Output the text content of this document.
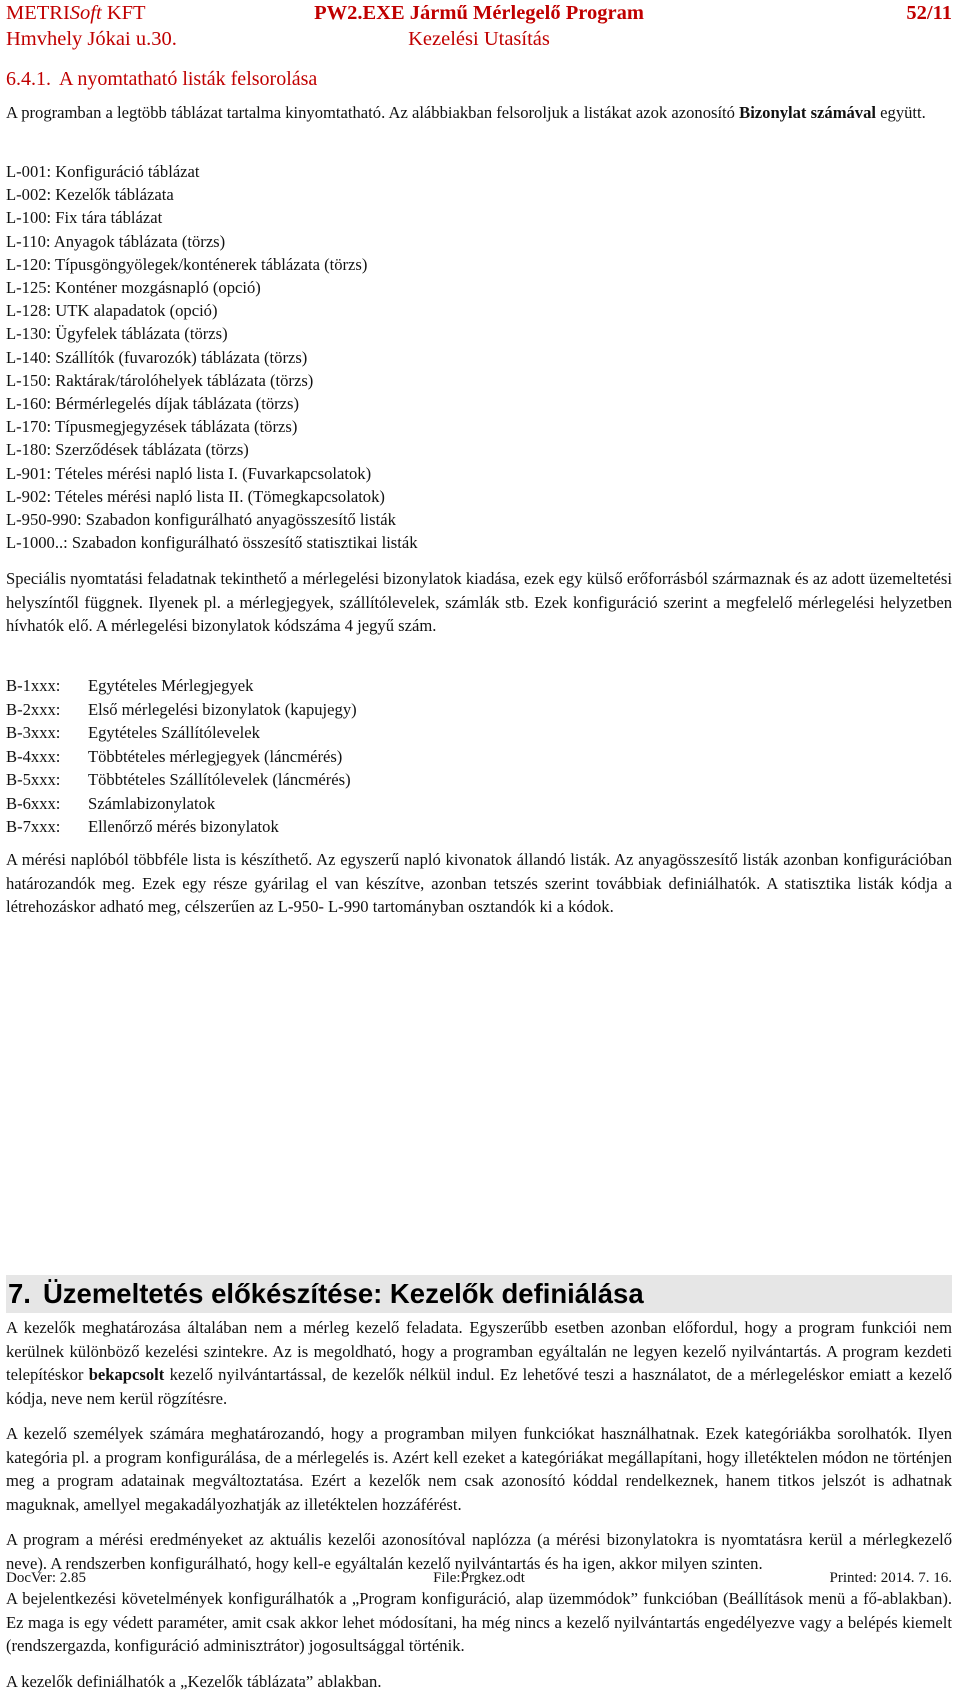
METRISoft KFT	PW2.EXE Jármű Mérlegelő Program	52/11
Hmvhely Jókai u.30.	Kezelési Utasítás
6.4.1. A nyomtatható listák felsorolása
A programban a legtöbb táblázat tartalma kinyomtatható. Az alábbiakban felsoroljuk a listákat azok azonosító Bizonylat számával együtt.
L-001: Konfiguráció táblázat
L-002: Kezelők táblázata
L-100: Fix tára táblázat
L-110: Anyagok táblázata (törzs)
L-120: Típusgöngyölegek/konténerek táblázata (törzs)
L-125: Konténer mozgásnapló (opció)
L-128: UTK alapadatok (opció)
L-130: Ügyfelek táblázata (törzs)
L-140: Szállítók (fuvarozók) táblázata (törzs)
L-150: Raktárak/tárolóhelyek táblázata (törzs)
L-160: Bérmérlegelés díjak táblázata (törzs)
L-170: Típusmegjegyzések táblázata (törzs)
L-180: Szerződések táblázata (törzs)
L-901: Tételes mérési napló lista I. (Fuvarkapcsolatok)
L-902: Tételes mérési napló lista II. (Tömegkapcsolatok)
L-950-990: Szabadon konfigurálható anyagösszesítő listák
L-1000..: Szabadon konfigurálható összesítő statisztikai listák
Speciális nyomtatási feladatnak tekinthető a mérlegelési bizonylatok kiadása, ezek egy külső erőforrásból származnak és az adott üzemeltetési helyszíntől függnek. Ilyenek pl. a mérlegjegyek, szállítólevelek, számlák stb. Ezek konfiguráció szerint a megfelelő mérlegelési helyzetben hívhatók elő. A mérlegelési bizonylatok kódszáma 4 jegyű szám.
B-1xxx: Egytételes Mérlegjegyek
B-2xxx: Első mérlegelési bizonylatok (kapujegy)
B-3xxx: Egytételes Szállítólevelek
B-4xxx: Többtételes mérlegjegyek (láncmérés)
B-5xxx: Többtételes Szállítólevelek (láncmérés)
B-6xxx: Számlabizonylatok
B-7xxx: Ellenőrző mérés bizonylatok
A mérési naplóból többféle lista is készíthető. Az egyszerű napló kivonatok állandó listák. Az anyagösszesítő listák azonban konfigurációban határozandók meg. Ezek egy része gyárilag el van készítve, azonban tetszés szerint továbbiak definiálhatók. A statisztika listák kódja a létrehozáskor adható meg, célszerűen az L-950- L-990 tartományban osztandók ki a kódok.
7. Üzemeltetés előkészítése: Kezelők definiálása
A kezelők meghatározása általában nem a mérleg kezelő feladata. Egyszerűbb esetben azonban előfordul, hogy a program funkciói nem kerülnek különböző kezelési szintekre. Az is megoldható, hogy a programban egyáltalán ne legyen kezelő nyilvántartás. A program kezdeti telepítéskor bekapcsolt kezelő nyilvántartással, de kezelők nélkül indul. Ez lehetővé teszi a használatot, de a mérlegeléskor emiatt a kezelő kódja, neve nem kerül rögzítésre.
A kezelő személyek számára meghatározandó, hogy a programban milyen funkciókat használhatnak. Ezek kategóriákba sorolhatók. Ilyen kategória pl. a program konfigurálása, de a mérlegelés is. Azért kell ezeket a kategóriákat megállapítani, hogy illetéktelen módon ne történjen meg a program adatainak megváltoztatása. Ezért a kezelők nem csak azonosító kóddal rendelkeznek, hanem titkos jelszót is adhatnak maguknak, amellyel megakadályozhatják az illetéktelen hozzáférést.
DocVer: 2.85	File:Prgkez.odt	Printed: 2014. 7. 16.
A program a mérési eredményeket az aktuális kezelői azonosítóval naplózza (a mérési bizonylatokra is nyomtatásra kerül a mérlegkezelő neve). A rendszerben konfigurálható, hogy kell-e egyáltalán kezelő nyilvántartás és ha igen, akkor milyen szinten.
A bejelentkezési követelmények konfigurálhatók a „Program konfiguráció, alap üzemmódok” funkcióban (Beállítások menü a fő-ablakban). Ez maga is egy védett paraméter, amit csak akkor lehet módosítani, ha még nincs a kezelő nyilvántartás engedélyezve vagy a belépés kiemelt (rendszergazda, konfiguráció adminisztrátor) jogosultsággal történik.
A kezelők definiálhatók a „Kezelők táblázata” ablakban.
